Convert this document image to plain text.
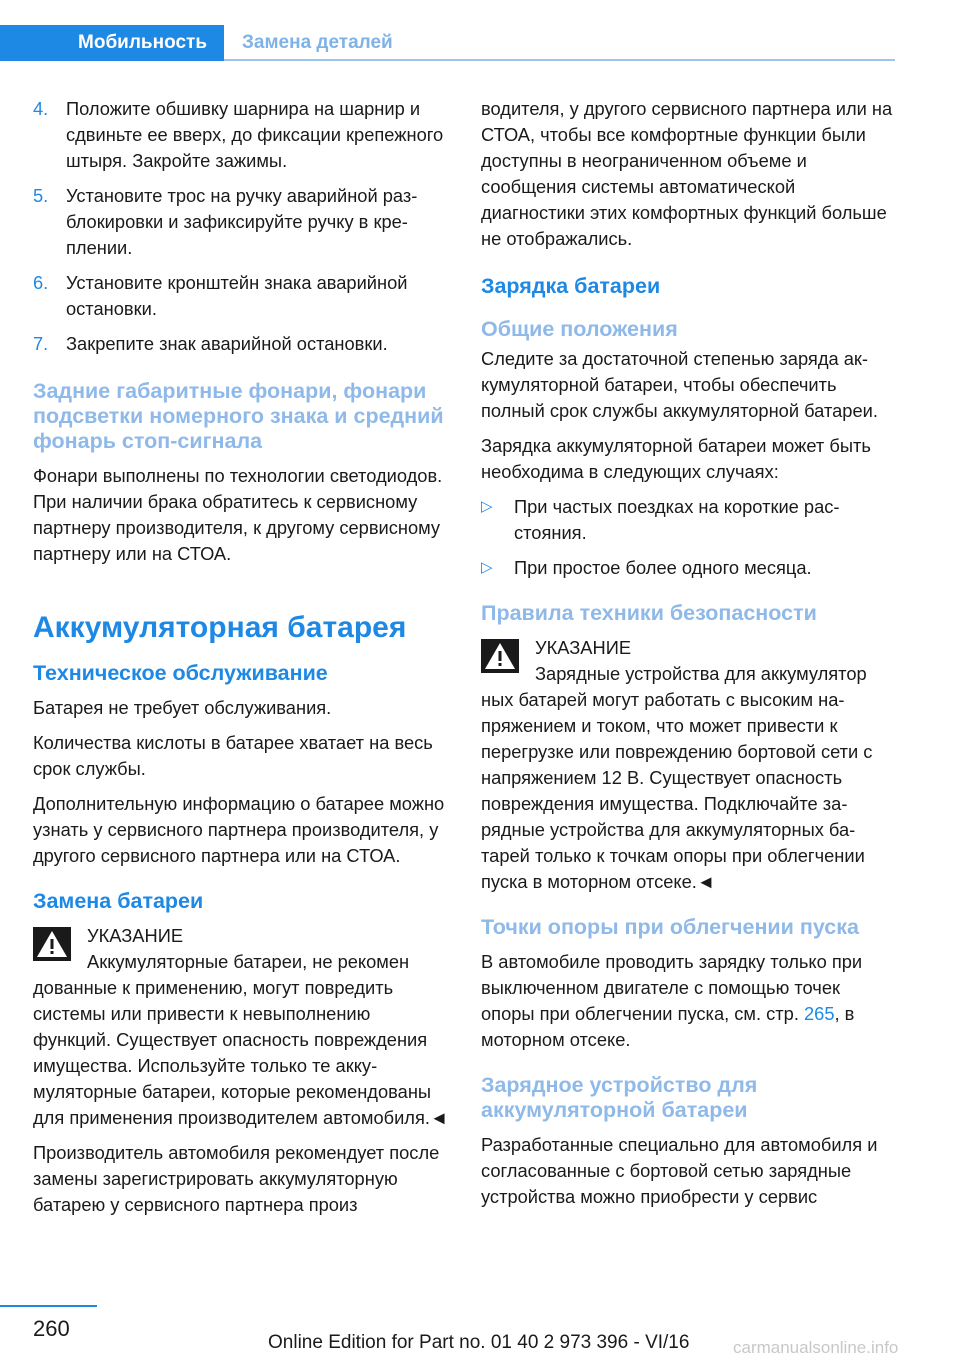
Мобильность	Замена деталей
4. Положите обшивку шарнира на шарнир и сдвиньте ее вверх, до фиксации крепежного штыря. Закройте зажимы.
5. Установите трос на ручку аварийной разблокировки и зафиксируйте ручку в креплении.
6. Установите кронштейн знака аварийной остановки.
7. Закрепите знак аварийной остановки.
Задние габаритные фонари, фонари подсветки номерного знака и средний фонарь стоп-сигнала

Фонари выполнены по технологии светодиодов. При наличии брака обратитесь к сервисному партнеру производителя, к другому сервисному партнеру или на СТОА.

Аккумуляторная батарея
Техническое обслуживание

Батарея не требует обслуживания.

Количества кислоты в батарее хватает на весь срок службы.

Дополнительную информацию о батарее можно узнать у сервисного партнера производителя, у другого сервисного партнера или на СТОА.

Замена батареи
УКАЗАНИЕ
Аккумуляторные батареи, не рекомен
дованные к применению, могут повредить системы или привести к невыполнению функций. Существует опасность повреждения имущества. Используйте только те аккумуляторные батареи, которые рекомендованы для применения производителем автомобиля.◄

Производитель автомобиля рекомендует после замены зарегистрировать аккумуляторную батарею у сервисного партнера произ

водителя, у другого сервисного партнера или на СТОА, чтобы все комфортные функции были доступны в неограниченном объеме и сообщения системы автоматической диагностики этих комфортных функций больше не отображались.

Зарядка батареи
Общие положения

Следите за достаточной степенью заряда аккумуляторной батареи, чтобы обеспечить полный срок службы аккумуляторной батареи.

Зарядка аккумуляторной батареи может быть необходима в следующих случаях:

▷ При частых поездках на короткие расстояния.
▷ При простое более одного месяца.
Правила техники безопасности
УКАЗАНИЕ
Зарядные устройства для аккумулятор
ных батарей могут работать с высоким напряжением и током, что может привести к перегрузке или повреждению бортовой сети с напряжением 12 В. Существует опасность повреждения имущества. Подключайте зарядные устройства для аккумуляторных батарей только к точкам опоры при облегчении пуска в моторном отсеке.◄
Точки опоры при облегчении пуска

В автомобиле проводить зарядку только при выключенном двигателе с помощью точек опоры при облегчении пуска, см. стр. 265, в моторном отсеке.

Зарядное устройство для аккумуляторной батареи

Разработанные специально для автомобиля и согласованные с бортовой сетью зарядные устройства можно приобрести у сервис

260
Online Edition for Part no. 01 40 2 973 396 - VI/16	carmanualsonline.info
